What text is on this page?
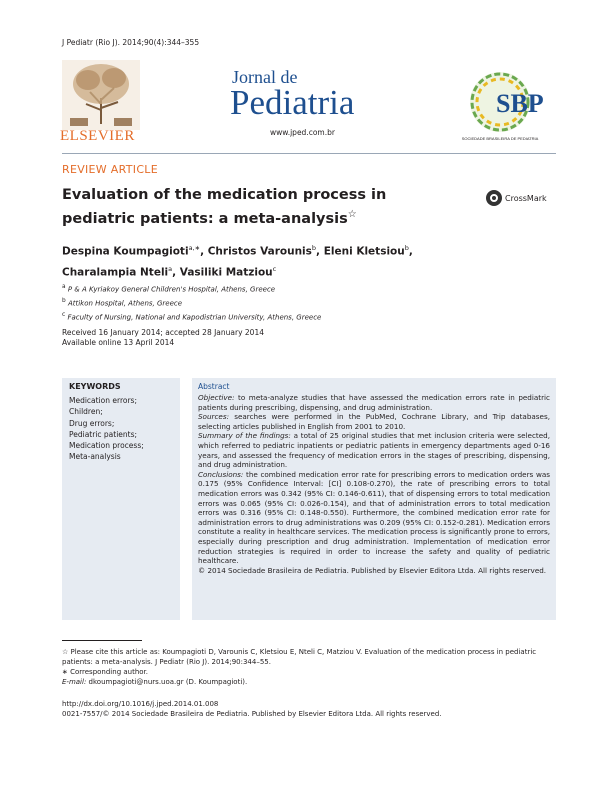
J Pediatr (Rio J). 2014;90(4):344–355
ELSEVIER
Jornal de
Pediatria
www.jped.com.br
SBP
SOCIEDADE BRASILEIRA DE PEDIATRIA
REVIEW ARTICLE
Evaluation of the medication process in pediatric patients: a meta-analysis☆
CrossMark
Despina Koumpagioti$^{a,∗}$, Christos Varounis$^b$, Eleni Kletsiou$^b$,
Charalampia Nteli$^a$, Vasiliki Matziou$^c$
$^a$ P & A Kyriakoy General Children's Hospital, Athens, Greece
$^b$ Attikon Hospital, Athens, Greece
$^c$ Faculty of Nursing, National and Kapodistrian University, Athens, Greece
Received 16 January 2014; accepted 28 January 2014
Available online 13 April 2014
KEYWORDS
Medication errors;
Children;
Drug errors;
Pediatric patients;
Medication process;
Meta-analysis
Abstract

Objective: to meta-analyze studies that have assessed the medication errors rate in pediatric patients during prescribing, dispensing, and drug administration.

Sources: searches were performed in the PubMed, Cochrane Library, and Trip databases, selecting articles published in English from 2001 to 2010.

Summary of the findings: a total of 25 original studies that met inclusion criteria were selected, which referred to pediatric inpatients or pediatric patients in emergency departments aged 0-16 years, and assessed the frequency of medication errors in the stages of prescribing, dispensing, and drug administration.

Conclusions: the combined medication error rate for prescribing errors to medication orders was 0.175 (95% Confidence Interval: [CI] 0.108-0.270), the rate of prescribing errors to total medication errors was 0.342 (95% CI: 0.146-0.611), that of dispensing errors to total medication errors was 0.065 (95% CI: 0.026-0.154), and that of administration errors to total medication errors was 0.316 (95% CI: 0.148-0.550). Furthermore, the combined medication error rate for administration errors to drug administrations was 0.209 (95% CI: 0.152-0.281). Medication errors constitute a reality in healthcare services. The medication process is significantly prone to errors, especially during prescription and drug administration. Implementation of medication error reduction strategies is required in order to increase the safety and quality of pediatric healthcare.

© 2014 Sociedade Brasileira de Pediatria. Published by Elsevier Editora Ltda. All rights reserved.

☆ Please cite this article as: Koumpagioti D, Varounis C, Kletsiou E, Nteli C, Matziou V. Evaluation of the medication process in pediatric patients: a meta-analysis. J Pediatr (Rio J). 2014;90:344–55.
∗ Corresponding author.
E-mail: dkoumpagioti@nurs.uoa.gr (D. Koumpagioti).
http://dx.doi.org/10.1016/j.jped.2014.01.008
0021-7557/© 2014 Sociedade Brasileira de Pediatria. Published by Elsevier Editora Ltda. All rights reserved.
